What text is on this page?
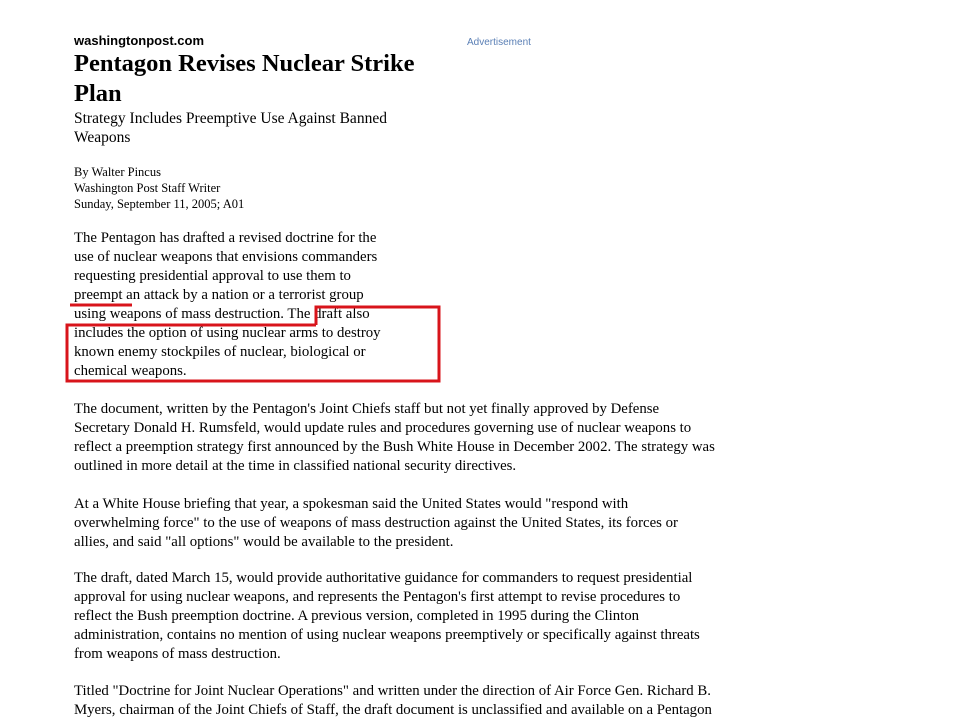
washingtonpost.com	Advertisement
Pentagon Revises Nuclear Strike Plan

Strategy Includes Preemptive Use Against Banned Weapons

By Walter Pincus
Washington Post Staff Writer
Sunday, September 11, 2005; A01
The Pentagon has drafted a revised doctrine for the
use of nuclear weapons that envisions commanders
requesting presidential approval to use them to
preempt an attack by a nation or a terrorist group
using weapons of mass destruction. The draft also
includes the option of using nuclear arms to destroy
known enemy stockpiles of nuclear, biological or
chemical weapons.
The document, written by the Pentagon's Joint Chiefs staff but not yet finally approved by Defense
Secretary Donald H. Rumsfeld, would update rules and procedures governing use of nuclear weapons to
reflect a preemption strategy first announced by the Bush White House in December 2002. The strategy was
outlined in more detail at the time in classified national security directives.
At a White House briefing that year, a spokesman said the United States would "respond with
overwhelming force" to the use of weapons of mass destruction against the United States, its forces or
allies, and said "all options" would be available to the president.
The draft, dated March 15, would provide authoritative guidance for commanders to request presidential
approval for using nuclear weapons, and represents the Pentagon's first attempt to revise procedures to
reflect the Bush preemption doctrine. A previous version, completed in 1995 during the Clinton
administration, contains no mention of using nuclear weapons preemptively or specifically against threats
from weapons of mass destruction.
Titled "Doctrine for Joint Nuclear Operations" and written under the direction of Air Force Gen. Richard B.
Myers, chairman of the Joint Chiefs of Staff, the draft document is unclassified and available on a Pentagon
